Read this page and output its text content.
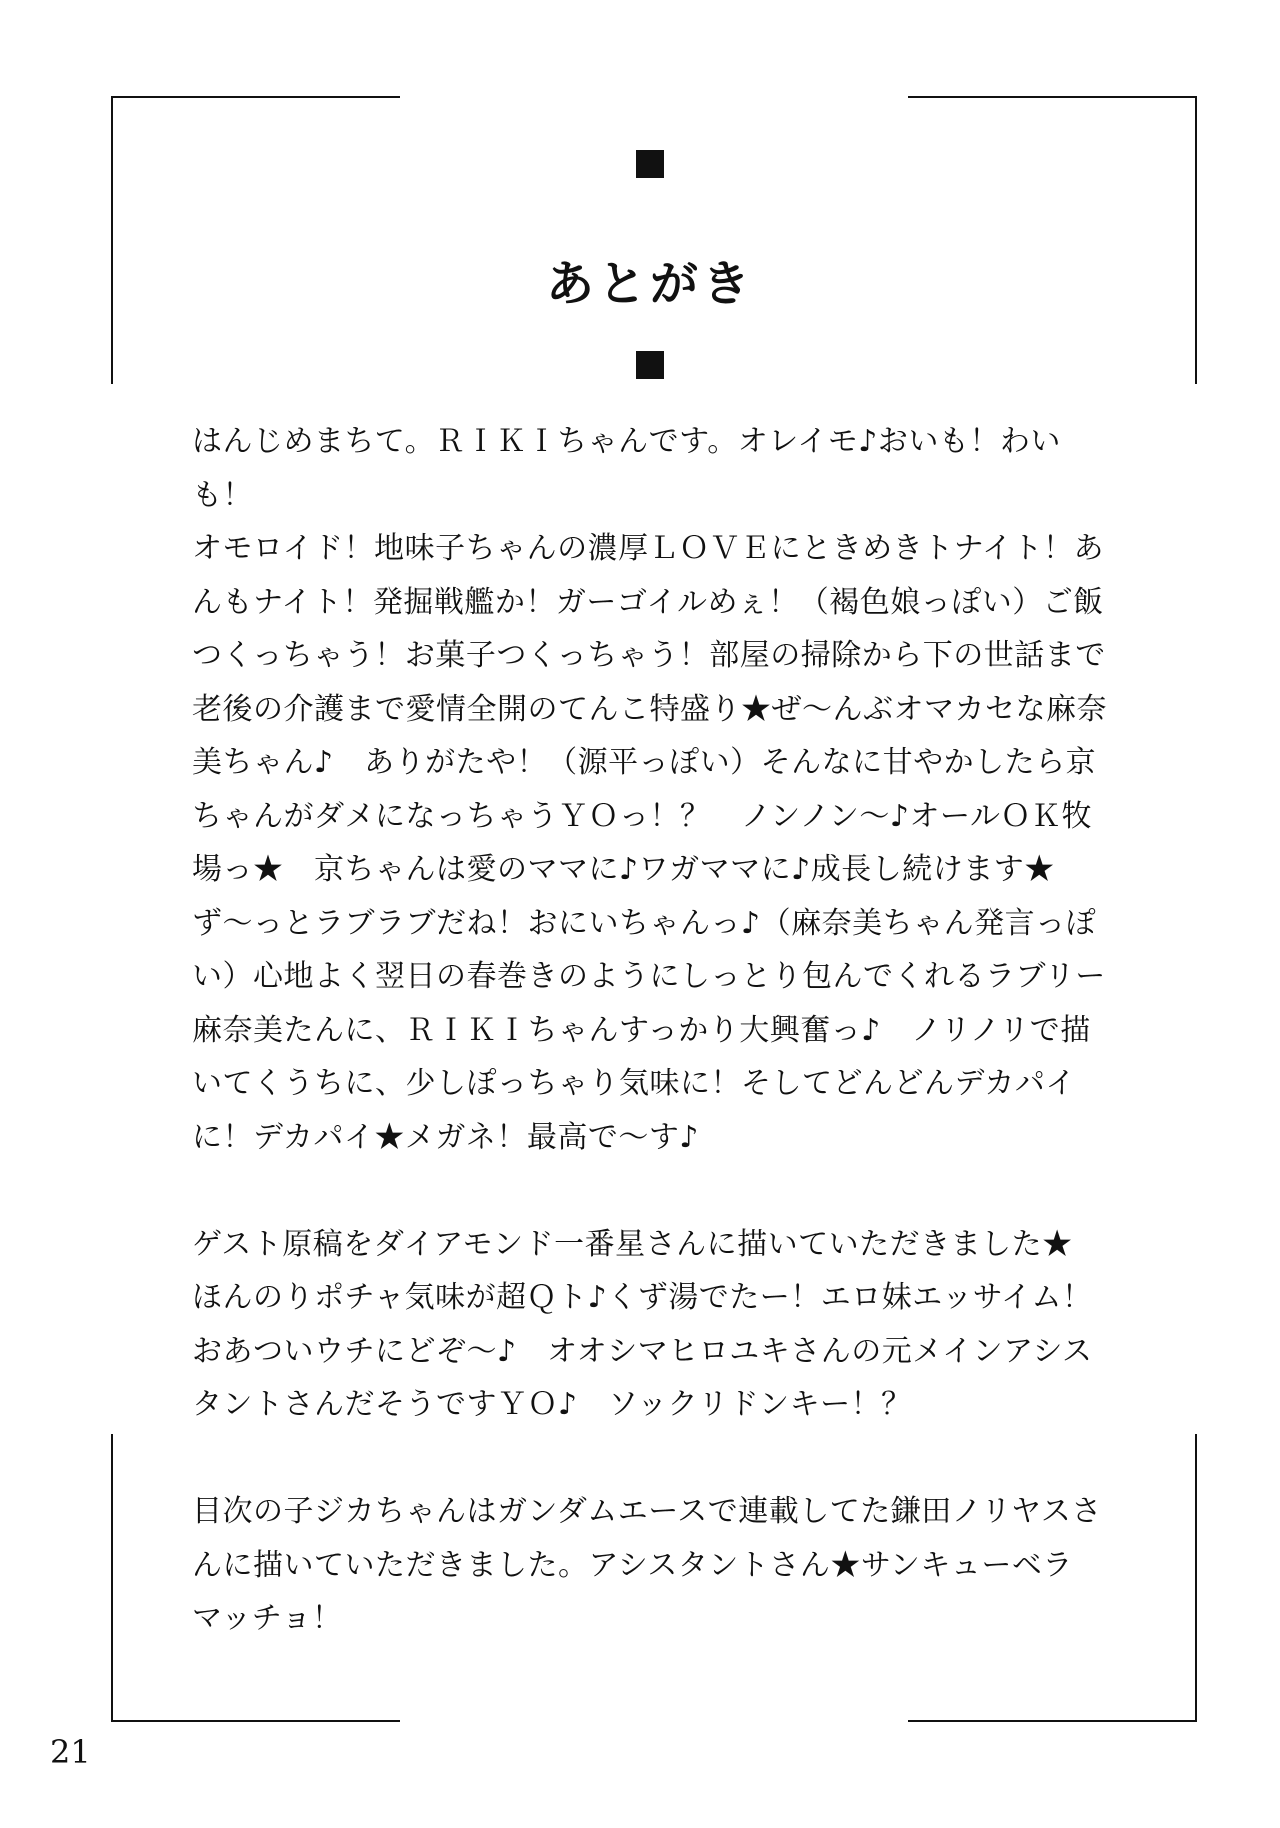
あとがき

はんじめまちて。ＲＩＫＩちゃんです。オレイモ♪おいも！わいも！
オモロイド！地味子ちゃんの濃厚ＬＯＶＥにときめきトナイト！あ
んもナイト！発掘戦艦か！ガーゴイルめぇ！（褐色娘っぽい）ご飯
つくっちゃう！お菓子つくっちゃう！部屋の掃除から下の世話まで
老後の介護まで愛情全開のてんこ特盛り★ぜ～んぶオマカセな麻奈
美ちゃん♪　ありがたや！（源平っぽい）そんなに甘やかしたら京
ちゃんがダメになっちゃうＹＯっ！？　ノンノン～♪オールＯＫ牧
場っ★　京ちゃんは愛のママに♪ワガママに♪成長し続けます★
ず～っとラブラブだね！おにいちゃんっ♪（麻奈美ちゃん発言っぽ
い）心地よく翌日の春巻きのようにしっとり包んでくれるラブリー
麻奈美たんに、ＲＩＫＩちゃんすっかり大興奮っ♪　ノリノリで描
いてくうちに、少しぽっちゃり気味に！そしてどんどんデカパイ
に！デカパイ★メガネ！最高で～す♪

ゲスト原稿をダイアモンド一番星さんに描いていただきました★
ほんのりポチャ気味が超Ｑト♪くず湯でたー！エロ妹エッサイム！
おあついウチにどぞ～♪　オオシマヒロユキさんの元メインアシス
タントさんだそうですＹＯ♪　ソックリドンキー！？

目次の子ジカちゃんはガンダムエースで連載してた鎌田ノリヤスさ
んに描いていただきました。アシスタントさん★サンキューベラ
マッチョ！

21
